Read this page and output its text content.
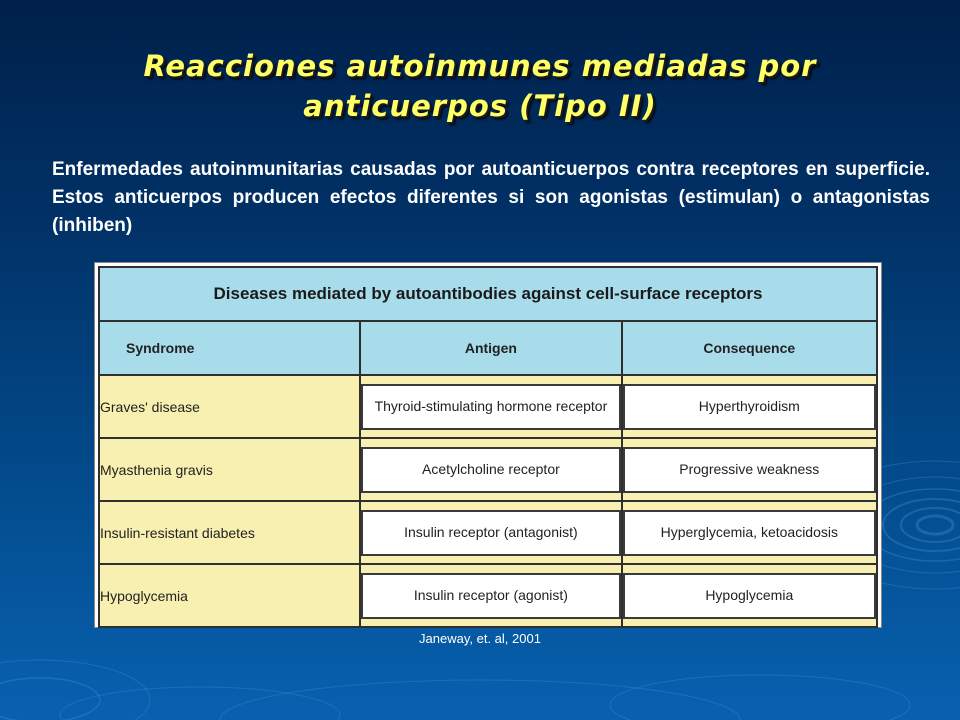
Reacciones autoinmunes mediadas por
anticuerpos (Tipo II)
Enfermedades autoinmunitarias causadas por autoanticuerpos contra receptores en superficie. Estos anticuerpos producen efectos diferentes si son agonistas (estimulan) o antagonistas (inhiben)
Diseases mediated by autoantibodies against cell-surface receptors		
Syndrome	Antigen	Consequence
Graves' disease	Thyroid-stimulating hormone receptor	Hyperthyroidism

Myasthenia gravis	Acetylcholine receptor	Progressive weakness

Insulin-resistant diabetes	Insulin receptor (antagonist)	Hyperglycemia, ketoacidosis

Hypoglycemia	Insulin receptor (agonist)	Hypoglycemia
Janeway, et. al, 2001
